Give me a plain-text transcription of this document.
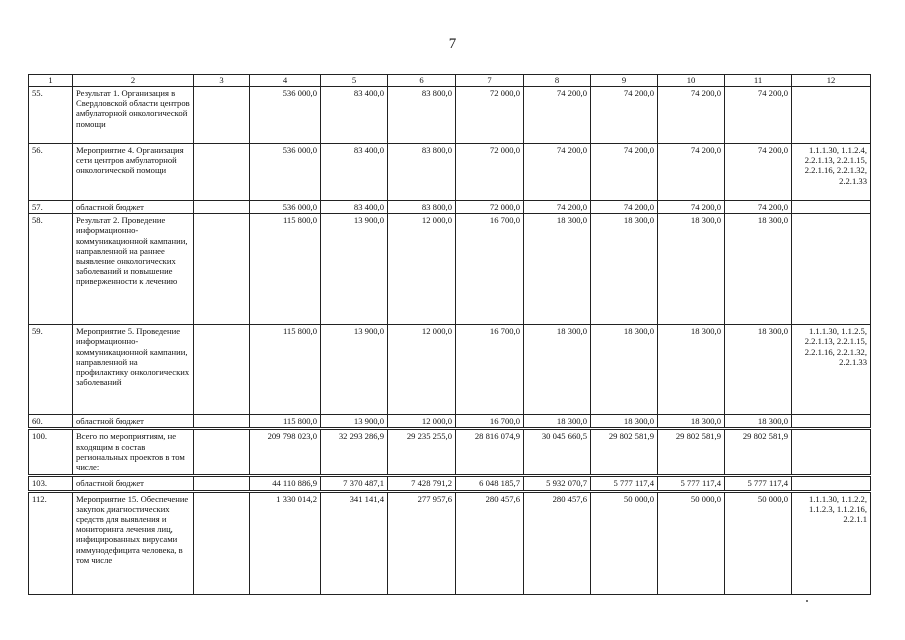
7
1	2	3	4	5	6	7	8	9	10	11	12
55.	Результат 1. Организация в Свердловской области центров амбулаторной онкологической помощи		536 000,0	83 400,0	83 800,0	72 000,0	74 200,0	74 200,0	74 200,0	74 200,0	
56.	Мероприятие 4. Организация сети центров амбулаторной онкологической помощи		536 000,0	83 400,0	83 800,0	72 000,0	74 200,0	74 200,0	74 200,0	74 200,0	1.1.1.30, 1.1.2.4, 2.2.1.13, 2.2.1.15, 2.2.1.16, 2.2.1.32, 2.2.1.33
57.	областной бюджет		536 000,0	83 400,0	83 800,0	72 000,0	74 200,0	74 200,0	74 200,0	74 200,0	
58.	Результат 2. Проведение информационно-коммуникационной кампании, направленной на раннее выявление онкологических заболеваний и повышение приверженности к лечению		115 800,0	13 900,0	12 000,0	16 700,0	18 300,0	18 300,0	18 300,0	18 300,0	
59.	Мероприятие 5. Проведение информационно-коммуникационной кампании, направленной на профилактику онкологических заболеваний		115 800,0	13 900,0	12 000,0	16 700,0	18 300,0	18 300,0	18 300,0	18 300,0	1.1.1.30, 1.1.2.5, 2.2.1.13, 2.2.1.15, 2.2.1.16, 2.2.1.32, 2.2.1.33
60.	областной бюджет		115 800,0	13 900,0	12 000,0	16 700,0	18 300,0	18 300,0	18 300,0	18 300,0	
100.	Всего по мероприятиям, не входящим в состав региональных проектов в том числе:		209 798 023,0	32 293 286,9	29 235 255,0	28 816 074,9	30 045 660,5	29 802 581,9	29 802 581,9	29 802 581,9	
103.	областной бюджет		44 110 886,9	7 370 487,1	7 428 791,2	6 048 185,7	5 932 070,7	5 777 117,4	5 777 117,4	5 777 117,4	
112.	Мероприятие 15. Обеспечение закупок диагностических средств для выявления и мониторинга лечения лиц, инфицированных вирусами иммунодефицита человека, в том числе		1 330 014,2	341 141,4	277 957,6	280 457,6	280 457,6	50 000,0	50 000,0	50 000,0	1.1.1.30, 1.1.2.2, 1.1.2.3, 1.1.2.16, 2.2.1.1
